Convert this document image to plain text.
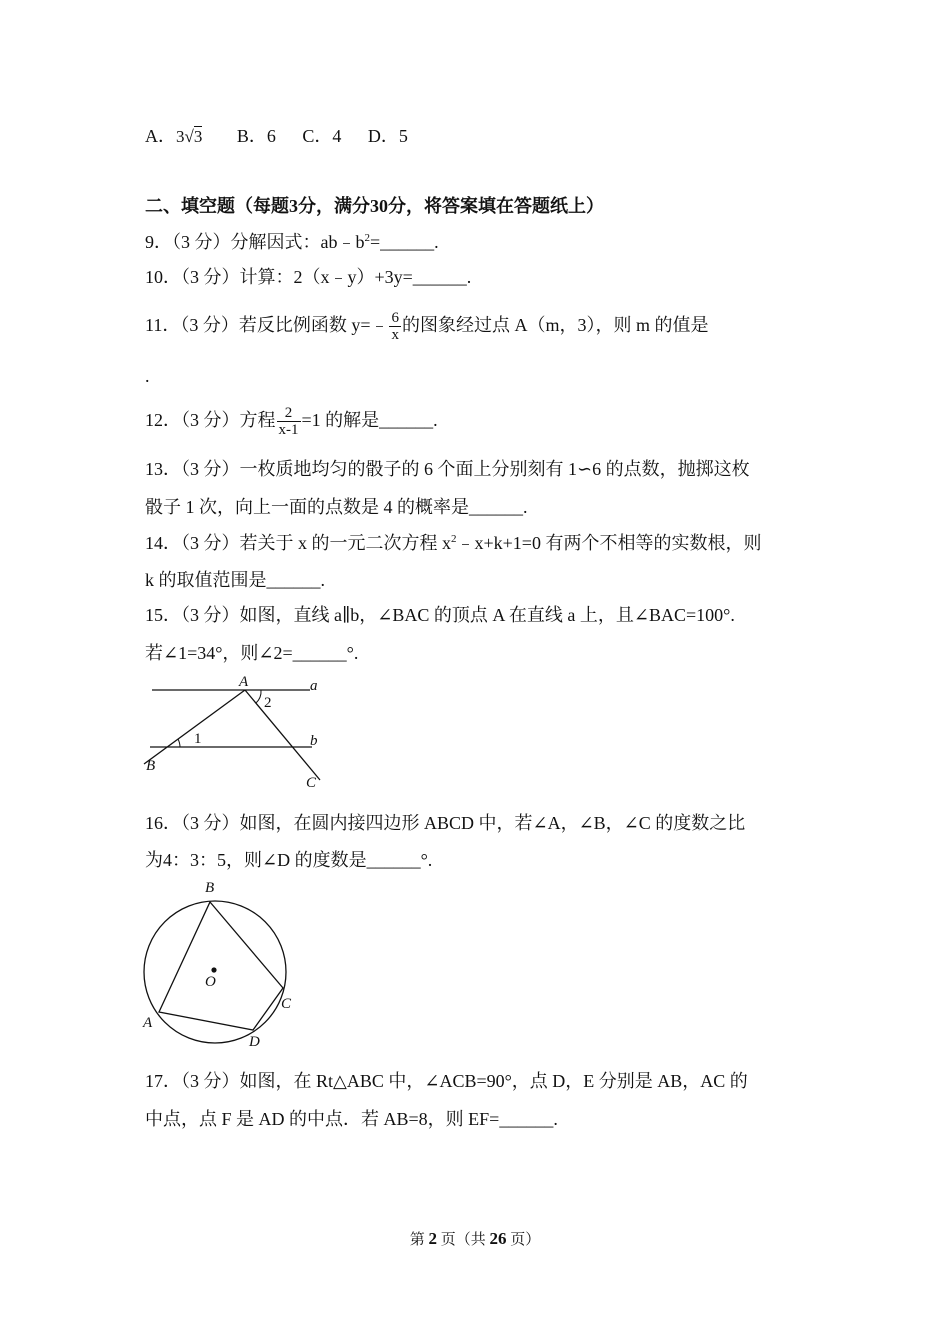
A．3√3 B．6 C．4 D．5
二、填空题（每题3分，满分30分，将答案填在答题纸上）
9．（3 分）分解因式：$ab﹣b^2=\_\_\_\_\_\_$.
10．（3 分）计算：2（x﹣y）+3y=______.
11．（3 分）若反比例函数 y=﹣ $\frac{6}{x}$ 的图象经过点 A（m，3），则 m 的值是
.
12．（3 分）方程 $\frac{2}{x-1} =1$ 的解是______.
13．（3 分）一枚质地均匀的骰子的 6 个面上分别刻有 1∽6 的点数，抛掷这枚
骰子 1 次，向上一面的点数是 4 的概率是______.
14．（3 分）若关于 x 的一元二次方程 $x^2﹣x+k+1=0$ 有两个不相等的实数根，则
k 的取值范围是______.
15．（3 分）如图，直线 a∥b，∠BAC 的顶点 A 在直线 a 上，且∠BAC=100°.
若∠1=34°，则∠2=______°.
A	a
2
1	b
B
C
16．（3 分）如图，在圆内接四边形 ABCD 中，若∠A，∠B，∠C 的度数之比
为4：3：5，则∠D 的度数是______°.
B
O
C
A
D
17．（3 分）如图，在 Rt△ABC 中，∠ACB=90°，点 D，E 分别是 AB，AC 的
中点，点 F 是 AD 的中点．若 AB=8，则 EF=______.
第 2 页（共 26 页）
